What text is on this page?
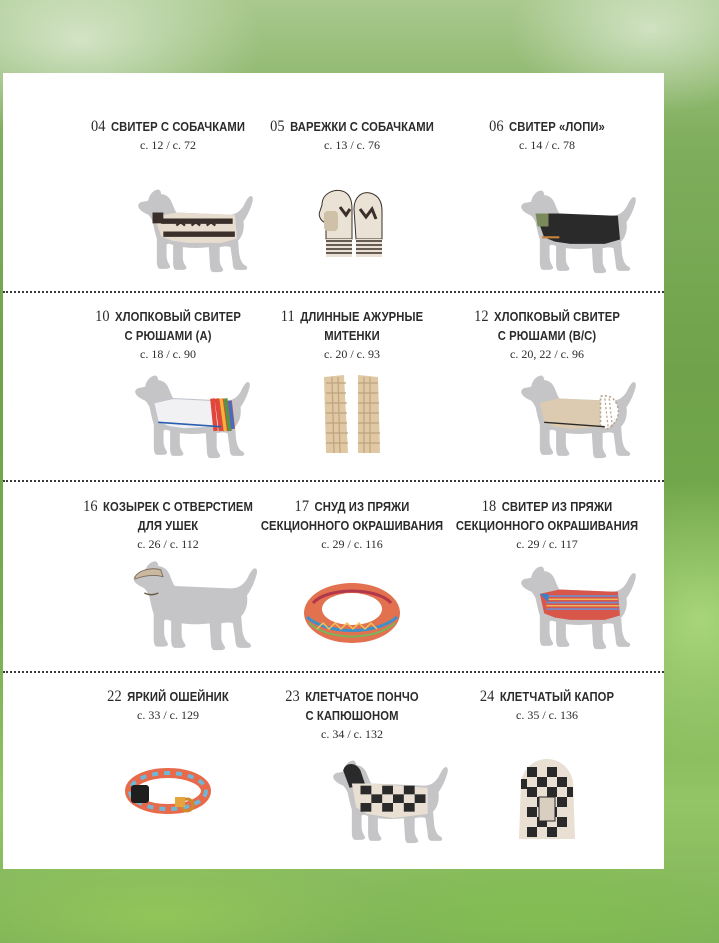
04 СВИТЕР С СОБАЧКАМИ
с. 12 / с. 72
05 ВАРЕЖКИ С СОБАЧКАМИ
с. 13 / с. 76
06 СВИТЕР «ЛОПИ»
с. 14 / с. 78
10 ХЛОПКОВЫЙ СВИТЕР
С РЮШАМИ (А)
с. 18 / с. 90
11 ДЛИННЫЕ АЖУРНЫЕ
МИТЕНКИ
с. 20 / с. 93
12 ХЛОПКОВЫЙ СВИТЕР
С РЮШАМИ (В/С)
с. 20, 22 / с. 96
16 КОЗЫРЕК С ОТВЕРСТИЕМ
ДЛЯ УШЕК
с. 26 / с. 112
17 СНУД ИЗ ПРЯЖИ
СЕКЦИОННОГО ОКРАШИВАНИЯ
с. 29 / с. 116
18 СВИТЕР ИЗ ПРЯЖИ
СЕКЦИОННОГО ОКРАШИВАНИЯ
с. 29 / с. 117
22 ЯРКИЙ ОШЕЙНИК
с. 33 / с. 129
23 КЛЕТЧАТОЕ ПОНЧО
С КАПЮШОНОМ
с. 34 / с. 132
24 КЛЕТЧАТЫЙ КАПОР
с. 35 / с. 136
